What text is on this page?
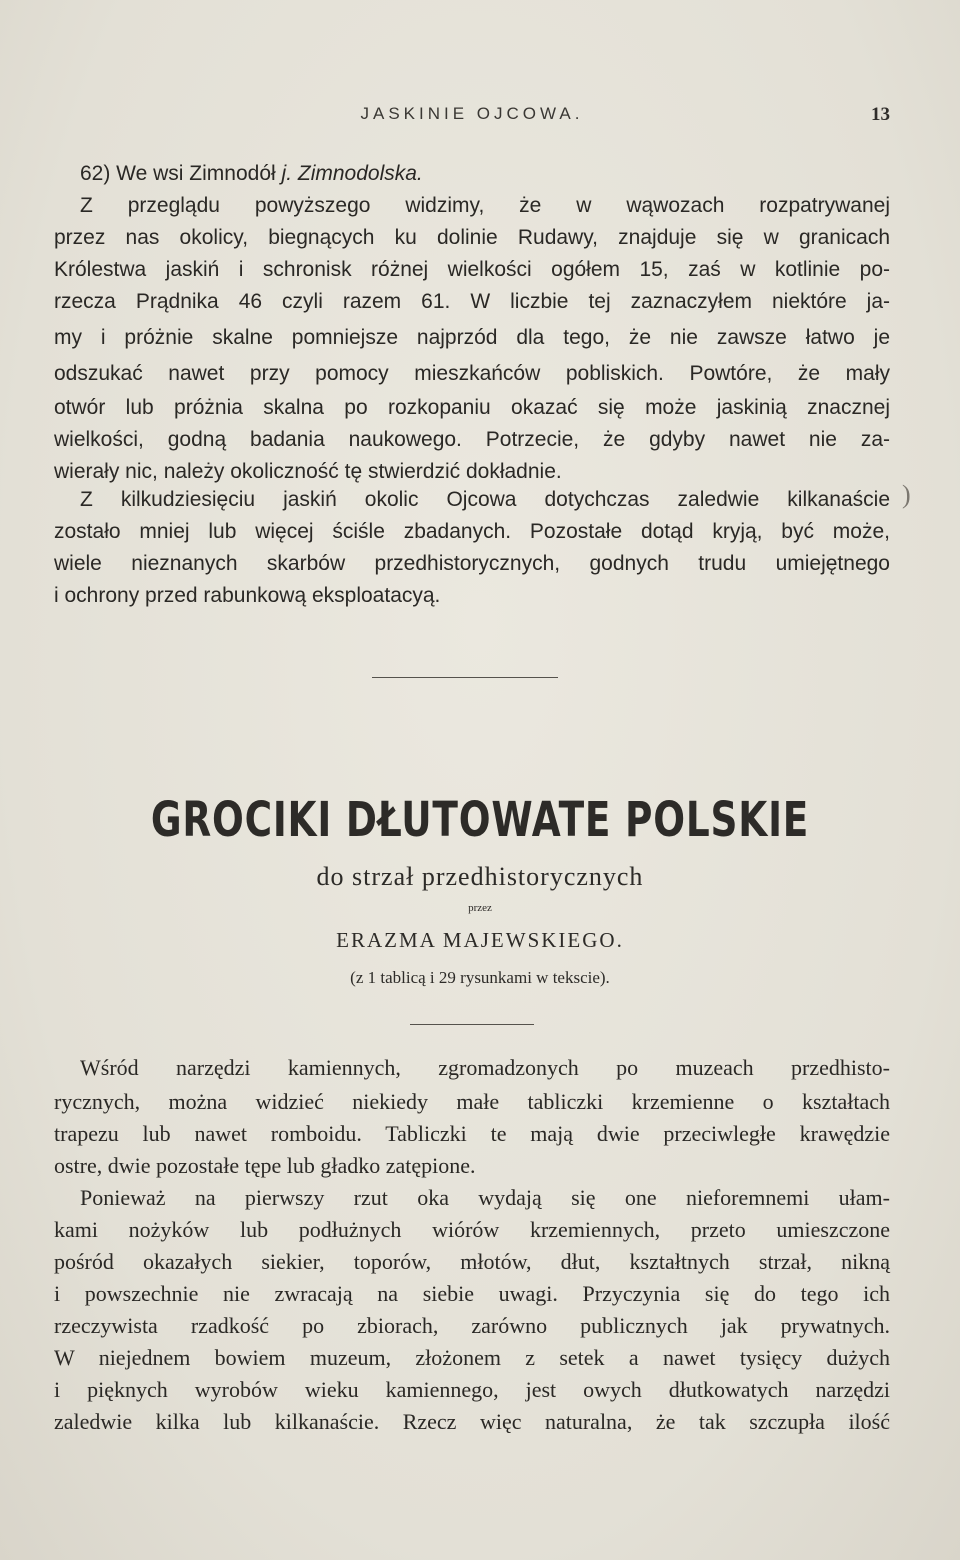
JASKINIE OJCOWA.	13
62) We wsi Zimnodół j. Zimnodolska.
Z przeglądu powyższego widzimy, że w wąwozach rozpatrywanej
przez nas okolicy, biegnących ku dolinie Rudawy, znajduje się w granicach
Królestwa jaskiń i schronisk różnej wielkości ogółem 15, zaś w kotlinie po-
rzecza Prądnika 46 czyli razem 61. W liczbie tej zaznaczyłem niektóre ja-
my i próżnie skalne pomniejsze najprzód dla tego, że nie zawsze łatwo je
odszukać nawet przy pomocy mieszkańców pobliskich. Powtóre, że mały
otwór lub próżnia skalna po rozkopaniu okazać się może jaskinią znacznej
wielkości, godną badania naukowego. Potrzecie, że gdyby nawet nie za-
wierały nic, należy okoliczność tę stwierdzić dokładnie.
Z kilkudziesięciu jaskiń okolic Ojcowa dotychczas zaledwie kilkanaście
zostało mniej lub więcej ściśle zbadanych. Pozostałe dotąd kryją, być może,
wiele nieznanych skarbów przedhistorycznych, godnych trudu umiejętnego
i ochrony przed rabunkową eksploatacyą.
)
GROCIKI DŁUTOWATE POLSKIE
do strzał przedhistorycznych
przez
ERAZMA MAJEWSKIEGO.
(z 1 tablicą i 29 rysunkami w tekscie).
Wśród narzędzi kamiennych, zgromadzonych po muzeach przedhisto-
rycznych, można widzieć niekiedy małe tabliczki krzemienne o kształtach
trapezu lub nawet romboidu. Tabliczki te mają dwie przeciwległe krawędzie
ostre, dwie pozostałe tępe lub gładko zatępione.
Ponieważ na pierwszy rzut oka wydają się one nieforemnemi ułam-
kami nożyków lub podłużnych wiórów krzemiennych, przeto umieszczone
pośród okazałych siekier, toporów, młotów, dłut, kształtnych strzał, nikną
i powszechnie nie zwracają na siebie uwagi. Przyczynia się do tego ich
rzeczywista rzadkość po zbiorach, zarówno publicznych jak prywatnych.
W niejednem bowiem muzeum, złożonem z setek a nawet tysięcy dużych
i pięknych wyrobów wieku kamiennego, jest owych dłutkowatych narzędzi
zaledwie kilka lub kilkanaście. Rzecz więc naturalna, że tak szczupła ilość
